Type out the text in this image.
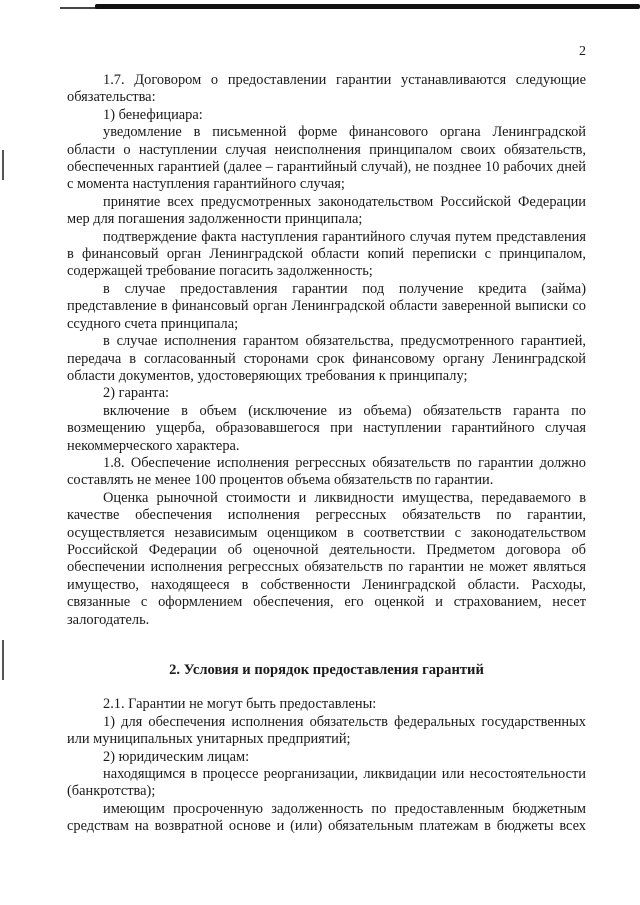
2

1.7. Договором о предоставлении гарантии устанавливаются следующие обязательства:

1) бенефициара:

уведомление в письменной форме финансового органа Ленинградской области о наступлении случая неисполнения принципалом своих обязательств, обеспеченных гарантией (далее – гарантийный случай), не позднее 10 рабочих дней с момента наступления гарантийного случая;

принятие всех предусмотренных законодательством Российской Федерации мер для погашения задолженности принципала;

подтверждение факта наступления гарантийного случая путем представления в финансовый орган Ленинградской области копий переписки с принципалом, содержащей требование погасить задолженность;

в случае предоставления гарантии под получение кредита (займа) представление в финансовый орган Ленинградской области заверенной выписки со ссудного счета принципала;

в случае исполнения гарантом обязательства, предусмотренного гарантией, передача в согласованный сторонами срок финансовому органу Ленинградской области документов, удостоверяющих требования к принципалу;

2) гаранта:

включение в объем (исключение из объема) обязательств гаранта по возмещению ущерба, образовавшегося при наступлении гарантийного случая некоммерческого характера.

1.8. Обеспечение исполнения регрессных обязательств по гарантии должно составлять не менее 100 процентов объема обязательств по гарантии.

Оценка рыночной стоимости и ликвидности имущества, передаваемого в качестве обеспечения исполнения регрессных обязательств по гарантии, осуществляется независимым оценщиком в соответствии с законодательством Российской Федерации об оценочной деятельности. Предметом договора об обеспечении исполнения регрессных обязательств по гарантии не может являться имущество, находящееся в собственности Ленинградской области. Расходы, связанные с оформлением обеспечения, его оценкой и страхованием, несет залогодатель.

2. Условия и порядок предоставления гарантий

2.1. Гарантии не могут быть предоставлены:

1) для обеспечения исполнения обязательств федеральных государственных или муниципальных унитарных предприятий;

2) юридическим лицам:

находящимся в процессе реорганизации, ликвидации или несостоятельности (банкротства);

имеющим просроченную задолженность по предоставленным бюджетным средствам на возвратной основе и (или) обязательным платежам в бюджеты всех
